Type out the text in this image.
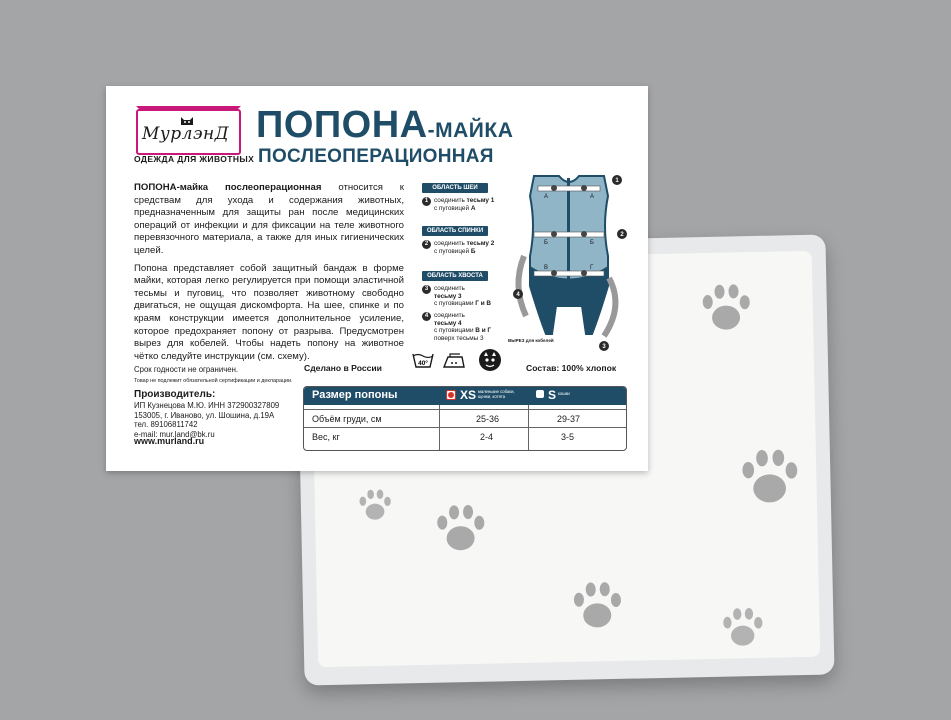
МурлэнД
ОДЕЖДА ДЛЯ ЖИВОТНЫХ
ПОПОНА-МАЙКА
ПОСЛЕОПЕРАЦИОННАЯ

ПОПОНА-майка послеоперационная относится к средствам для ухода и содержания животных, предназначенным для защиты ран после медицинских операций от инфекции и для фиксации на теле животного перевязочного материала, а также для иных гигиенических целей.

Попона представляет собой защитный бандаж в форме майки, которая легко регулируется при помощи эластичной тесьмы и пуговиц, что позволяет животному свободно двигаться, не ощущая дискомфорта. На шее, спинке и по краям конструкции имеется дополнительное усиление, которое предохраняет попону от разрыва. Предусмотрен вырез для кобелей. Чтобы надеть попону на животное чётко следуйте инструкции (см. схему).

Срок годности не ограничен.
Товар не подлежит обязательной сертификации и декларации.
Производитель:
ИП Кузнецова М.Ю. ИНН 372900327809
153005, г. Иваново, ул. Шошина, д.19А
тел. 89106811742
e-mail: mur.land@bk.ru
www.murland.ru
ОБЛАСТЬ ШЕИ
1 соединить тесьму 1
с пуговицей А
ОБЛАСТЬ СПИНКИ
2 соединить тесьму 2
с пуговицей Б
ОБЛАСТЬ ХВОСТА
3 соединить
тесьму 3
с пуговицами Г и В
4 соединить
тесьму 4
с пуговицами В и Г
поверх тесьмы 3
А	А
Б	Б
В	Г
1
2
3
4
ВЫРЕЗ для кобелей
Сделано в России	40°	Состав: 100% хлопок
Размер попоны	XS маленькие собаки, щенки, котята	S кошки
Объём груди, см	25-36	29-37
Вес, кг	2-4	3-5
